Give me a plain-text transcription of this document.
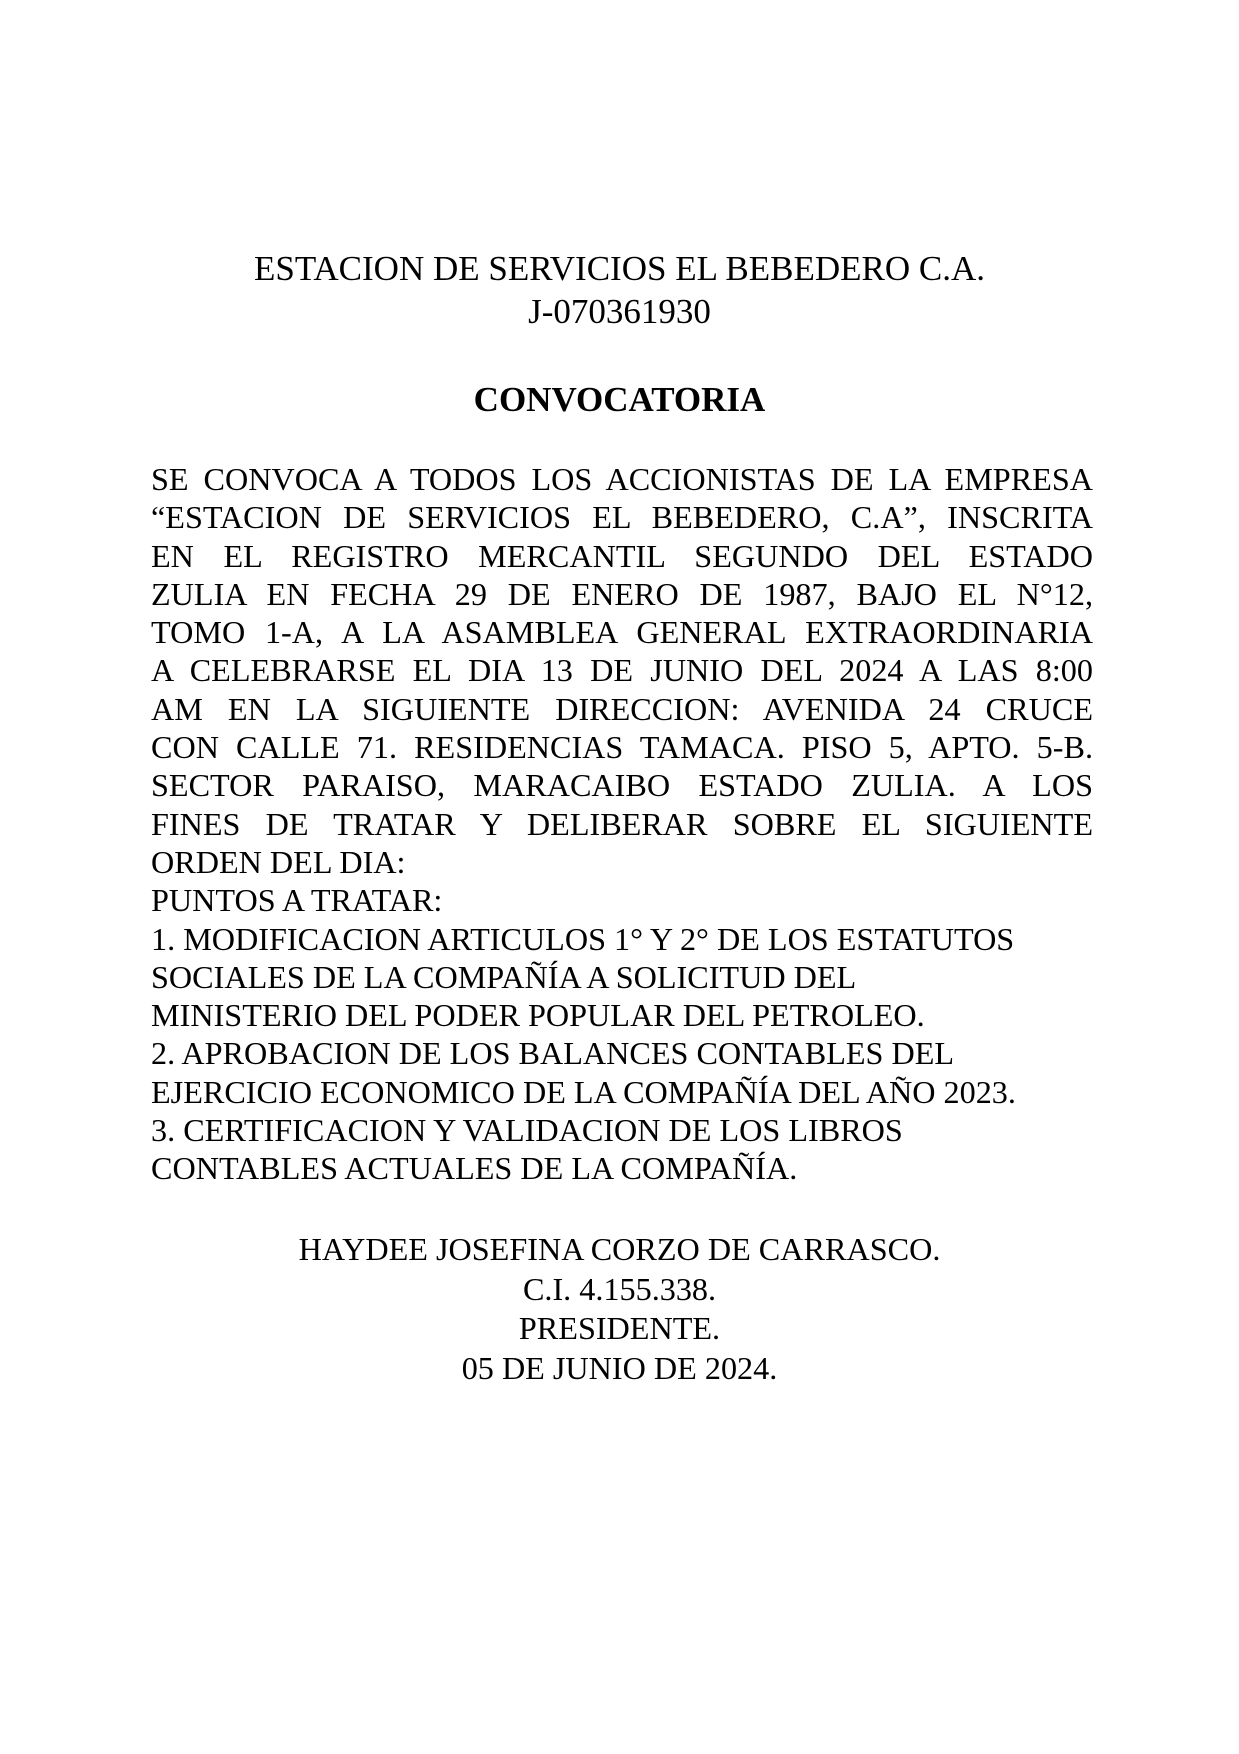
ESTACION DE SERVICIOS EL BEBEDERO C.A.
J-070361930
CONVOCATORIA
SE CONVOCA A TODOS LOS ACCIONISTAS DE LA EMPRESA
“ESTACION DE SERVICIOS EL BEBEDERO, C.A”, INSCRITA
EN EL REGISTRO MERCANTIL SEGUNDO DEL ESTADO
ZULIA EN FECHA 29 DE ENERO DE 1987, BAJO EL N°12,
TOMO 1-A, A LA ASAMBLEA GENERAL EXTRAORDINARIA
A CELEBRARSE EL DIA 13 DE JUNIO DEL 2024 A LAS 8:00
AM EN LA SIGUIENTE DIRECCION: AVENIDA 24 CRUCE
CON CALLE 71. RESIDENCIAS TAMACA. PISO 5, APTO. 5-B.
SECTOR PARAISO, MARACAIBO ESTADO ZULIA. A LOS
FINES DE TRATAR Y DELIBERAR SOBRE EL SIGUIENTE
ORDEN DEL DIA:
PUNTOS A TRATAR:
1. MODIFICACION ARTICULOS 1° Y 2° DE LOS ESTATUTOS
SOCIALES DE LA COMPAÑÍA A SOLICITUD DEL
MINISTERIO DEL PODER POPULAR DEL PETROLEO.
2. APROBACION DE LOS BALANCES CONTABLES DEL
EJERCICIO ECONOMICO DE LA COMPAÑÍA DEL AÑO 2023.
3. CERTIFICACION Y VALIDACION DE LOS LIBROS
CONTABLES ACTUALES DE LA COMPAÑÍA.
HAYDEE JOSEFINA CORZO DE CARRASCO.
C.I. 4.155.338.
PRESIDENTE.
05 DE JUNIO DE 2024.
